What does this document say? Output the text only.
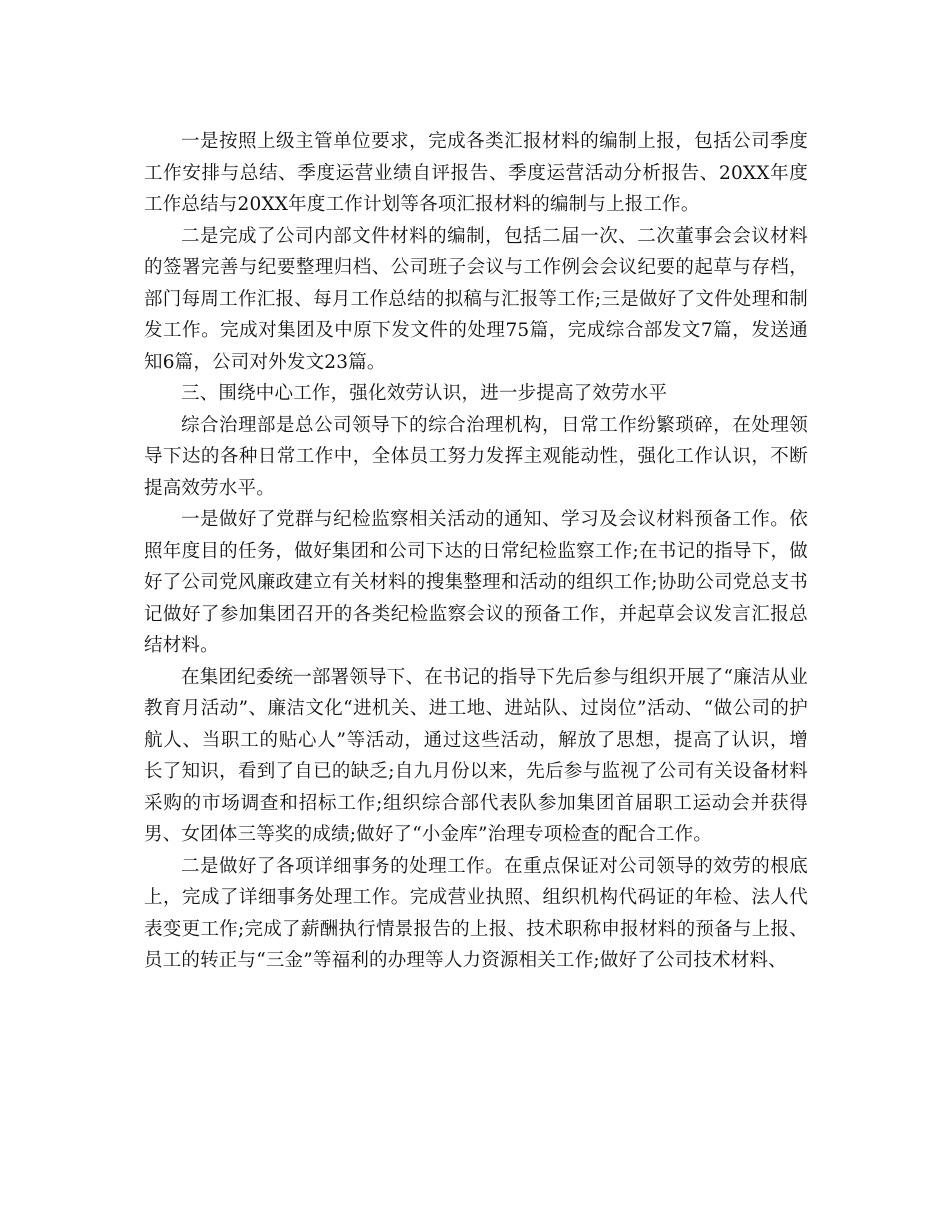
一是按照上级主管单位要求，完成各类汇报材料的编制上报，包括公司季度工作安排与总结、季度运营业绩自评报告、季度运营活动分析报告、20XX年度工作总结与20XX年度工作计划等各项汇报材料的编制与上报工作。

二是完成了公司内部文件材料的编制，包括二届一次、二次董事会会议材料的签署完善与纪要整理归档、公司班子会议与工作例会会议纪要的起草与存档，部门每周工作汇报、每月工作总结的拟稿与汇报等工作;三是做好了文件处理和制发工作。完成对集团及中原下发文件的处理75篇，完成综合部发文7篇，发送通知6篇，公司对外发文23篇。

三、围绕中心工作，强化效劳认识，进一步提高了效劳水平

综合治理部是总公司领导下的综合治理机构，日常工作纷繁琐碎，在处理领导下达的各种日常工作中，全体员工努力发挥主观能动性，强化工作认识，不断提高效劳水平。

一是做好了党群与纪检监察相关活动的通知、学习及会议材料预备工作。依照年度目的任务，做好集团和公司下达的日常纪检监察工作;在书记的指导下，做好了公司党风廉政建立有关材料的搜集整理和活动的组织工作;协助公司党总支书记做好了参加集团召开的各类纪检监察会议的预备工作，并起草会议发言汇报总结材料。

在集团纪委统一部署领导下、在书记的指导下先后参与组织开展了“廉洁从业教育月活动”、廉洁文化“进机关、进工地、进站队、过岗位”活动、“做公司的护航人、当职工的贴心人”等活动，通过这些活动，解放了思想，提高了认识，增长了知识，看到了自已的缺乏;自九月份以来，先后参与监视了公司有关设备材料采购的市场调查和招标工作;组织综合部代表队参加集团首届职工运动会并获得男、女团体三等奖的成绩;做好了“小金库”治理专项检查的配合工作。

二是做好了各项详细事务的处理工作。在重点保证对公司领导的效劳的根底上，完成了详细事务处理工作。完成营业执照、组织机构代码证的年检、法人代表变更工作;完成了薪酬执行情景报告的上报、技术职称申报材料的预备与上报、员工的转正与“三金”等福利的办理等人力资源相关工作;做好了公司技术材料、
